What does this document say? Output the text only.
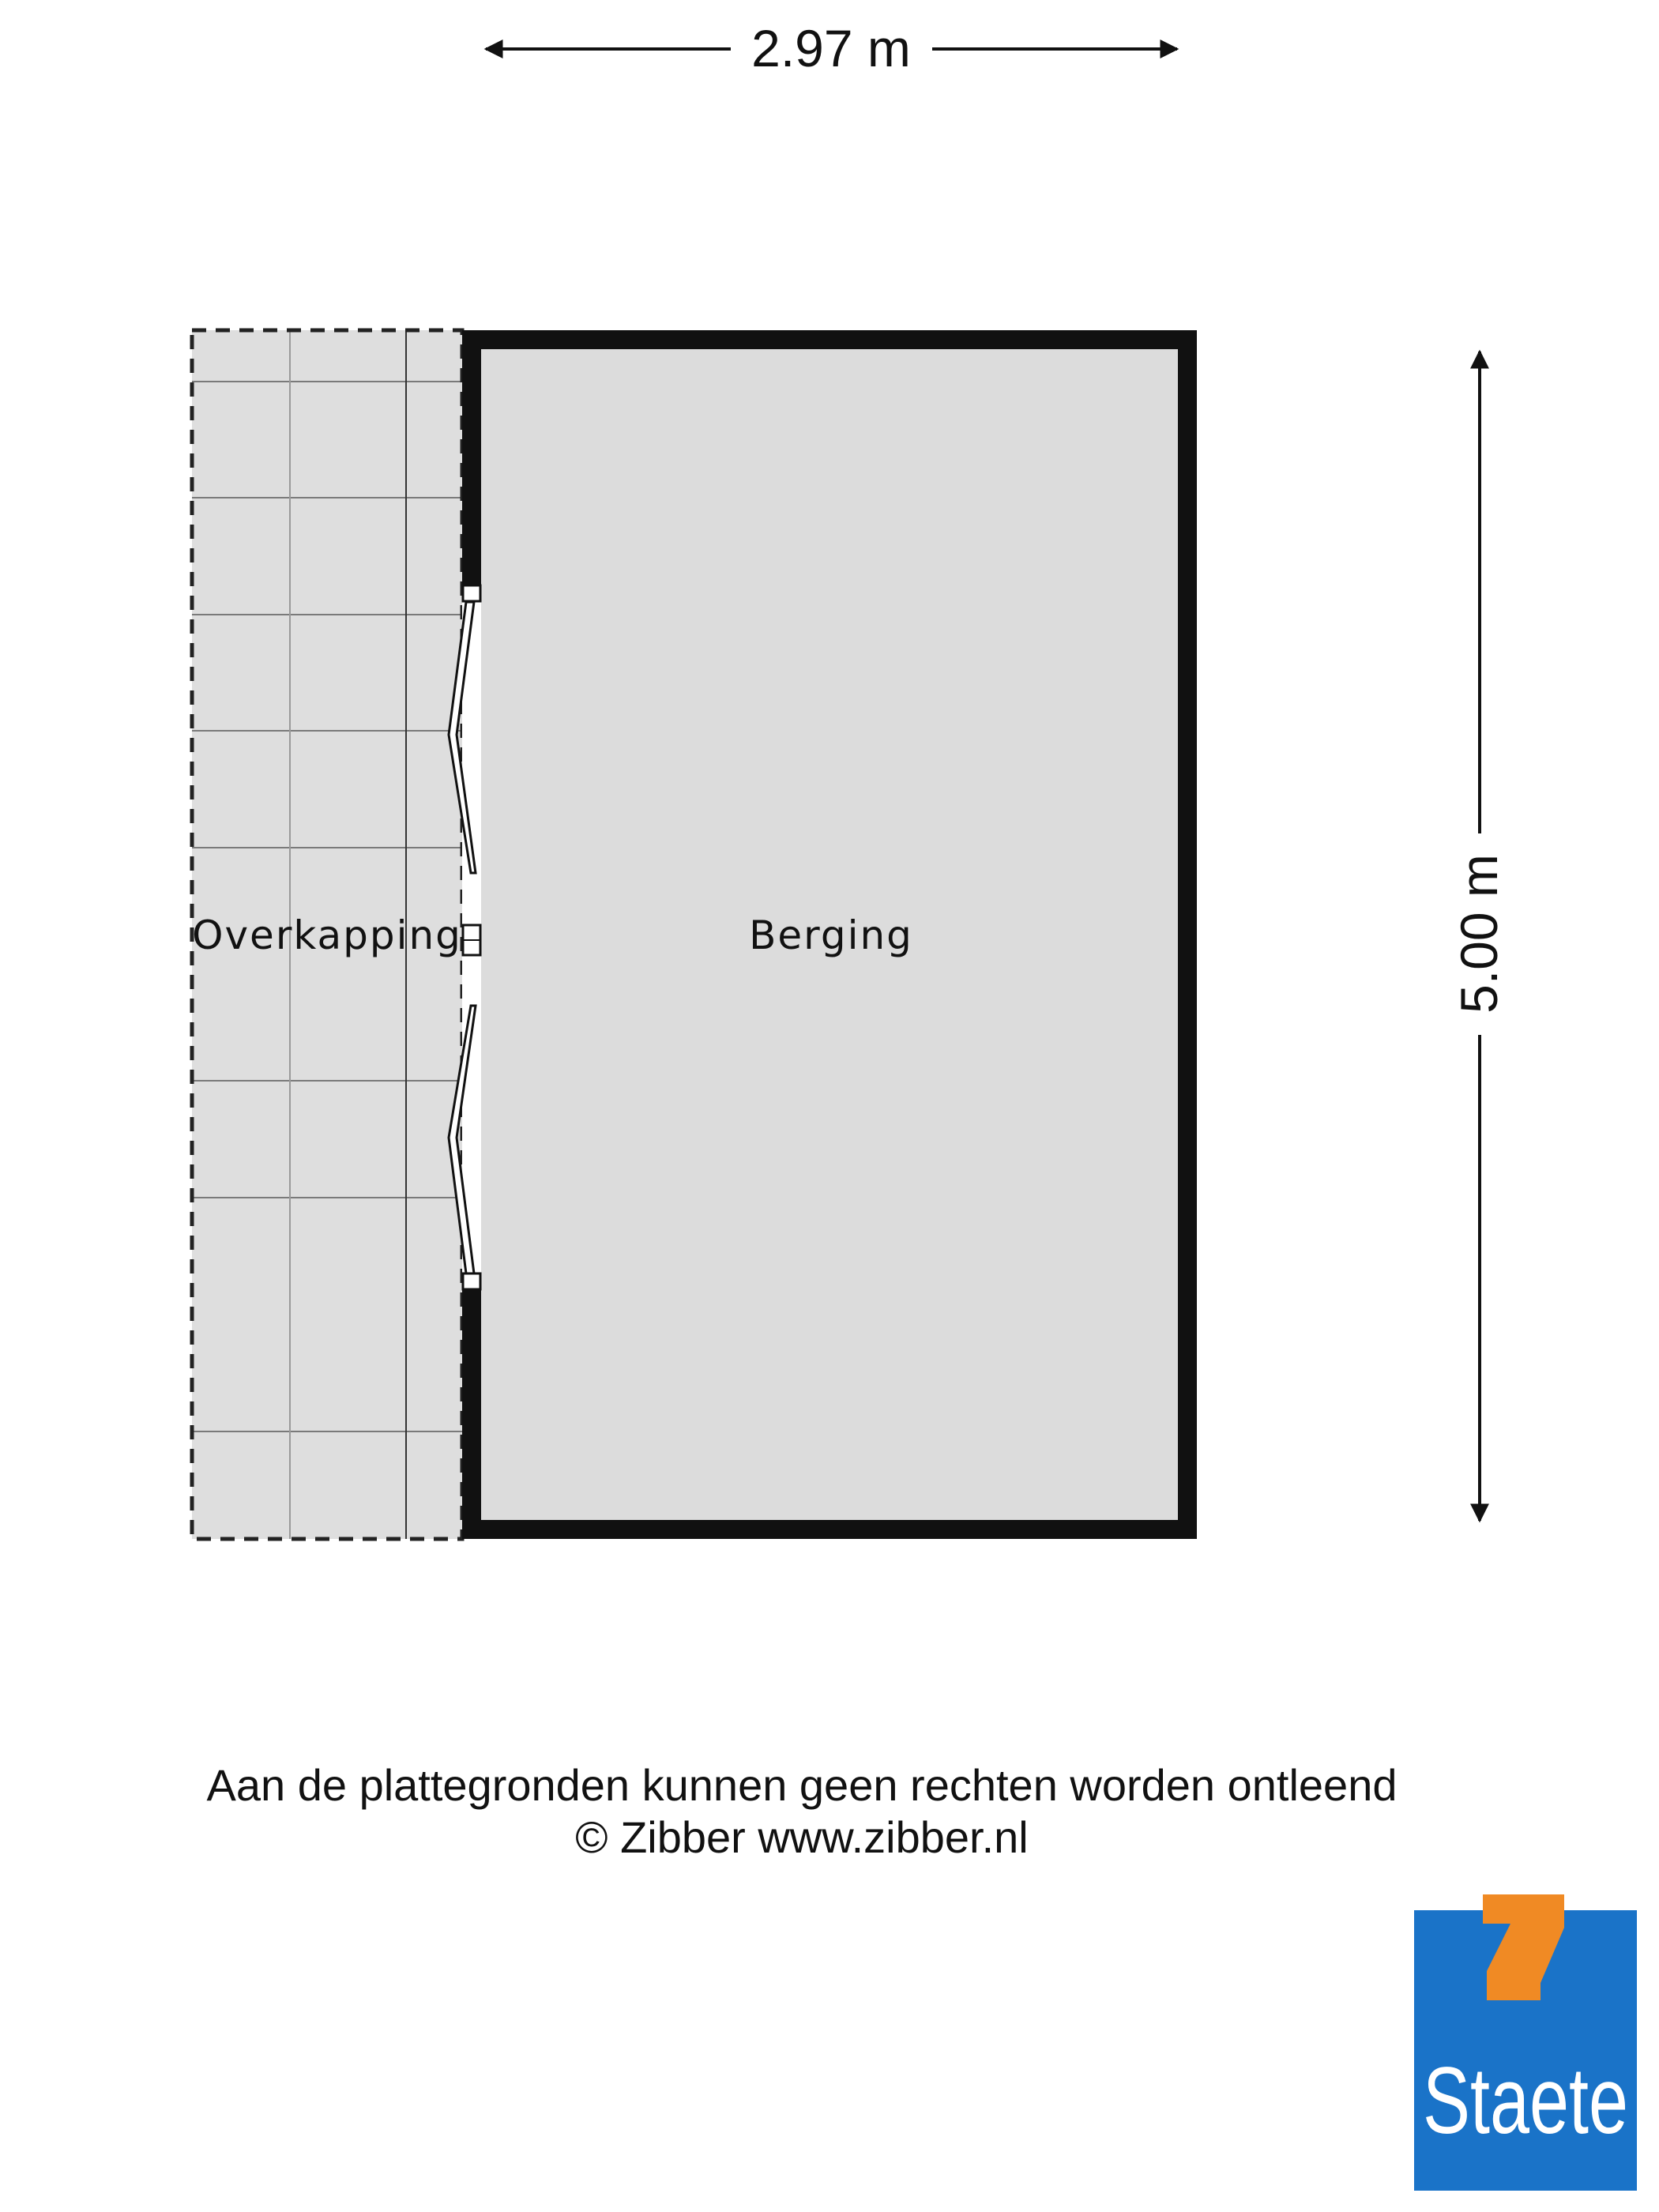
2.97 m
5.00 m
Overkapping	Berging
Staete
Aan de plattegronden kunnen geen rechten worden ontleend
© Zibber www.zibber.nl
